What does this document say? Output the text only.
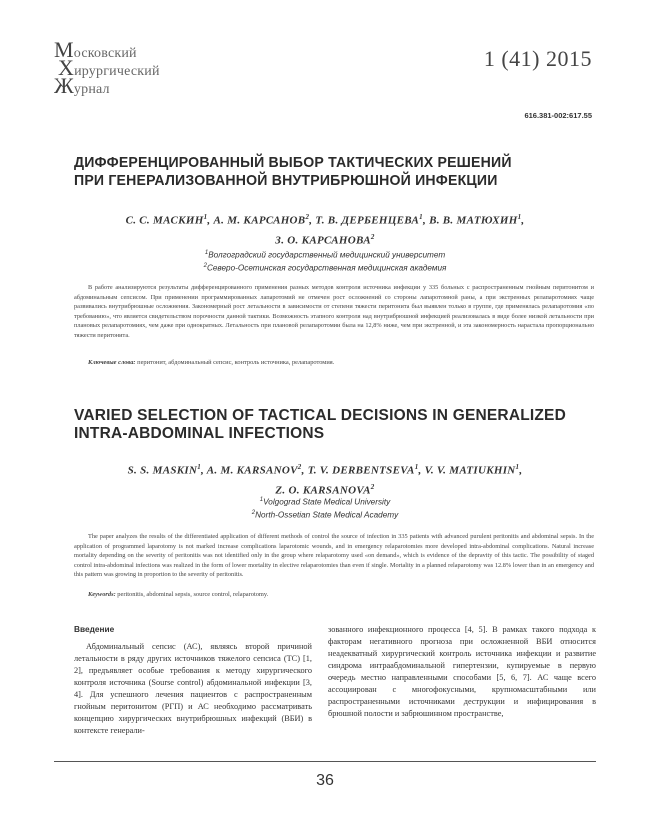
Московский
Хирургический
Журнал
1 (41) 2015
616.381-002:617.55
ДИФФЕРЕНЦИРОВАННЫЙ ВЫБОР ТАКТИЧЕСКИХ РЕШЕНИЙ
ПРИ ГЕНЕРАЛИЗОВАННОЙ ВНУТРИБРЮШНОЙ ИНФЕКЦИИ
С. С. МАСКИН$^1$, А. М. КАРСАНОВ$^2$, Т. В. ДЕРБЕНЦЕВА$^1$, В. В. МАТЮХИН$^1$,
З. О. КАРСАНОВА$^2$
$^1$Волгоградский государственный медицинский университет
$^2$Северо-Осетинская государственная медицинская академия
В работе анализируются результаты дифференцированного применения разных методов контроля источника инфекции у 335 больных с распространенным гнойным перитонитом и абдоминальным сепсисом. При применении программированных лапаротомий не отмечен рост осложнений со стороны лапаротомной раны, а при экстренных релапаротомиях чаще развивались внутрибрюшные осложнения. Закономерный рост летальности в зависимости от степени тяжести перитонита был выявлен только в группе, где применялась релапаротомия «по требованию», что является свидетельством порочности данной тактики. Возможность этапного контроля над внутрибрюшной инфекцией реализовалась в виде более низкой летальности при плановых релапаротомиях, чем даже при однократных. Летальность при плановой релапаротомии была на 12,8% ниже, чем при экстренной, и эта закономерность нарастала пропорционально тяжести перитонита.
Ключевые слова: перитонит, абдоминальный сепсис, контроль источника, релапаротомия.
VARIED SELECTION OF TACTICAL DECISIONS IN GENERALIZED
INTRA-ABDOMINAL INFECTIONS
S. S. MASKIN$^1$, A. M. KARSANOV$^2$, T. V. DERBENTSEVA$^1$, V. V. MATIUKHIN$^1$,
Z. O. KARSANOVA$^2$
$^1$Volgograd State Medical University
$^2$North-Ossetian State Medical Academy
The paper analyzes the results of the differentiated application of different methods of control the source of infection in 335 patients with advanced purulent peritonitis and abdominal sepsis. In the application of programmed laparotomy is not marked increase complications laparotomic wounds, and in emergency relaparotomies more developed intra-abdominal complications. Natural increase mortality depending on the severity of peritonitis was not identified only in the group where relaparotomy used «on demand», which is evidence of the depravity of this tactic. The possibility of staged control intra-abdominal infections was realized in the form of lower mortality in elective relaparotomies than even if single. Mortality in a planned relaparotomy was 12.8% lower than in an emergency and this pattern was growing in proportion to the severity of peritonitis.
Keywords: peritonitis, abdominal sepsis, source control, relaparotomy.
Введение

Абдоминальный сепсис (АС), являясь второй причиной летальности в ряду других источников тяжелого сепсиса (ТС) [1, 2], предъявляет особые требования к методу хирургического контроля источника (Sourse control) абдоминальной инфекции [3, 4]. Для успешного лечения пациентов с распространенным гнойным перитонитом (РГП) и АС необходимо рассматривать концепцию хирургических внутрибрюшных инфекций (ВБИ) в контексте генерали-

зованного инфекционного процесса [4, 5]. В рамках такого подхода к факторам негативного прогноза при осложненной ВБИ относится неадекватный хирургический контроль источника инфекции и развитие синдрома интраабдоминальной гипертензии, купируемые в первую очередь местно направленными способами [5, 6, 7]. АС чаще всего ассоциирован с многофокусными, крупномасштабными или распространенными источниками деструкции и инфицирования в брюшной полости и забрюшинном пространстве,

36
